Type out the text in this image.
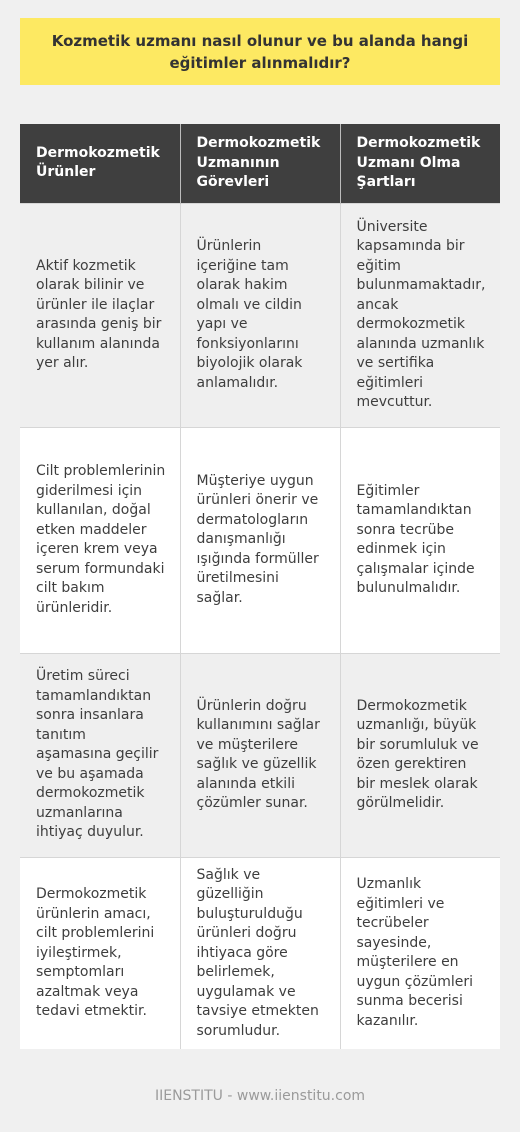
Kozmetik uzmanı nasıl olunur ve bu alanda hangi eğitimler alınmalıdır?
Dermokozmetik Ürünler	Dermokozmetik Uzmanının Görevleri	Dermokozmetik Uzmanı Olma Şartları
Aktif kozmetik olarak bilinir ve ürünler ile ilaçlar arasında geniş bir kullanım alanında yer alır.	Ürünlerin içeriğine tam olarak hakim olmalı ve cildin yapı ve fonksiyonlarını biyolojik olarak anlamalıdır.	Üniversite kapsamında bir eğitim bulunmamaktadır, ancak dermokozmetik alanında uzmanlık ve sertifika eğitimleri mevcuttur.
Cilt problemlerinin giderilmesi için kullanılan, doğal etken maddeler içeren krem veya serum formundaki cilt bakım ürünleridir.	Müşteriye uygun ürünleri önerir ve dermatologların danışmanlığı ışığında formüller üretilmesini sağlar.	Eğitimler tamamlandıktan sonra tecrübe edinmek için çalışmalar içinde bulunulmalıdır.
Üretim süreci tamamlandıktan sonra insanlara tanıtım aşamasına geçilir ve bu aşamada dermokozmetik uzmanlarına ihtiyaç duyulur.	Ürünlerin doğru kullanımını sağlar ve müşterilere sağlık ve güzellik alanında etkili çözümler sunar.	Dermokozmetik uzmanlığı, büyük bir sorumluluk ve özen gerektiren bir meslek olarak görülmelidir.
Dermokozmetik ürünlerin amacı, cilt problemlerini iyileştirmek, semptomları azaltmak veya tedavi etmektir.	Sağlık ve güzelliğin buluşturulduğu ürünleri doğru ihtiyaca göre belirlemek, uygulamak ve tavsiye etmekten sorumludur.	Uzmanlık eğitimleri ve tecrübeler sayesinde, müşterilere en uygun çözümleri sunma becerisi kazanılır.
IIENSTITU - www.iienstitu.com
